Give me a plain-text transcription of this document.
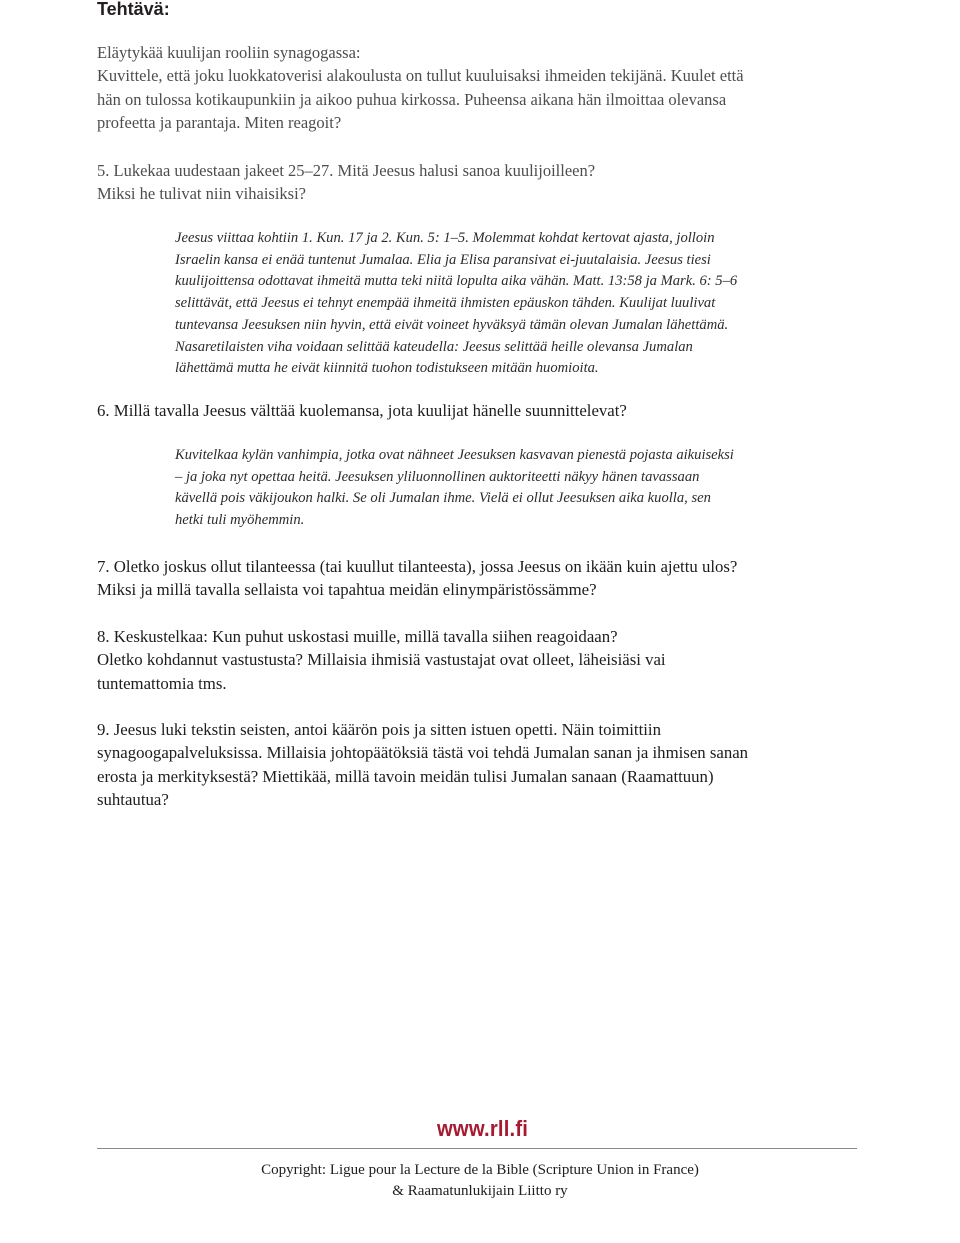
Tehtävä:
Eläytykää kuulijan rooliin synagogassa:
Kuvittele, että joku luokkatoverisi alakoulusta on tullut kuuluisaksi ihmeiden tekijänä. Kuulet että
hän on tulossa kotikaupunkiin ja aikoo puhua kirkossa. Puheensa aikana hän ilmoittaa olevansa
profeetta ja parantaja. Miten reagoit?
5. Lukekaa uudestaan jakeet 25–27. Mitä Jeesus halusi sanoa kuulijoilleen?
Miksi he tulivat niin vihaisiksi?
Jeesus viittaa kohtiin 1. Kun. 17 ja 2. Kun. 5: 1–5. Molemmat kohdat kertovat ajasta, jolloin
Israelin kansa ei enää tuntenut Jumalaa. Elia ja Elisa paransivat ei-juutalaisia. Jeesus tiesi
kuulijoittensa odottavat ihmeitä mutta teki niitä lopulta aika vähän. Matt. 13:58 ja Mark. 6: 5–6
selittävät, että Jeesus ei tehnyt enempää ihmeitä ihmisten epäuskon tähden. Kuulijat luulivat
tuntevansa Jeesuksen niin hyvin, että eivät voineet hyväksyä tämän olevan Jumalan lähettämä.
Nasaretilaisten viha voidaan selittää kateudella: Jeesus selittää heille olevansa Jumalan
lähettämä mutta he eivät kiinnitä tuohon todistukseen mitään huomioita.
6. Millä tavalla Jeesus välttää kuolemansa, jota kuulijat hänelle suunnittelevat?
Kuvitelkaa kylän vanhimpia, jotka ovat nähneet Jeesuksen kasvavan pienestä pojasta aikuiseksi
– ja joka nyt opettaa heitä. Jeesuksen yliluonnollinen auktoriteetti näkyy hänen tavassaan
kävellä pois väkijoukon halki. Se oli Jumalan ihme. Vielä ei ollut Jeesuksen aika kuolla, sen
hetki tuli myöhemmin.
7. Oletko joskus ollut tilanteessa (tai kuullut tilanteesta), jossa Jeesus on ikään kuin ajettu ulos?
Miksi ja millä tavalla sellaista voi tapahtua meidän elinympäristössämme?
8. Keskustelkaa: Kun puhut uskostasi muille, millä tavalla siihen reagoidaan?
Oletko kohdannut vastustusta? Millaisia ihmisiä vastustajat ovat olleet, läheisiäsi vai
tuntemattomia tms.
9. Jeesus luki tekstin seisten, antoi käärön pois ja sitten istuen opetti. Näin toimittiin
synagoogapalveluksissa. Millaisia johtopäätöksiä tästä voi tehdä Jumalan sanan ja ihmisen sanan
erosta ja merkityksestä? Miettikää, millä tavoin meidän tulisi Jumalan sanaan (Raamattuun)
suhtautua?
www.rll.fi
Copyright: Ligue pour la Lecture de la Bible (Scripture Union in France)
& Raamatunlukijain Liitto ry
